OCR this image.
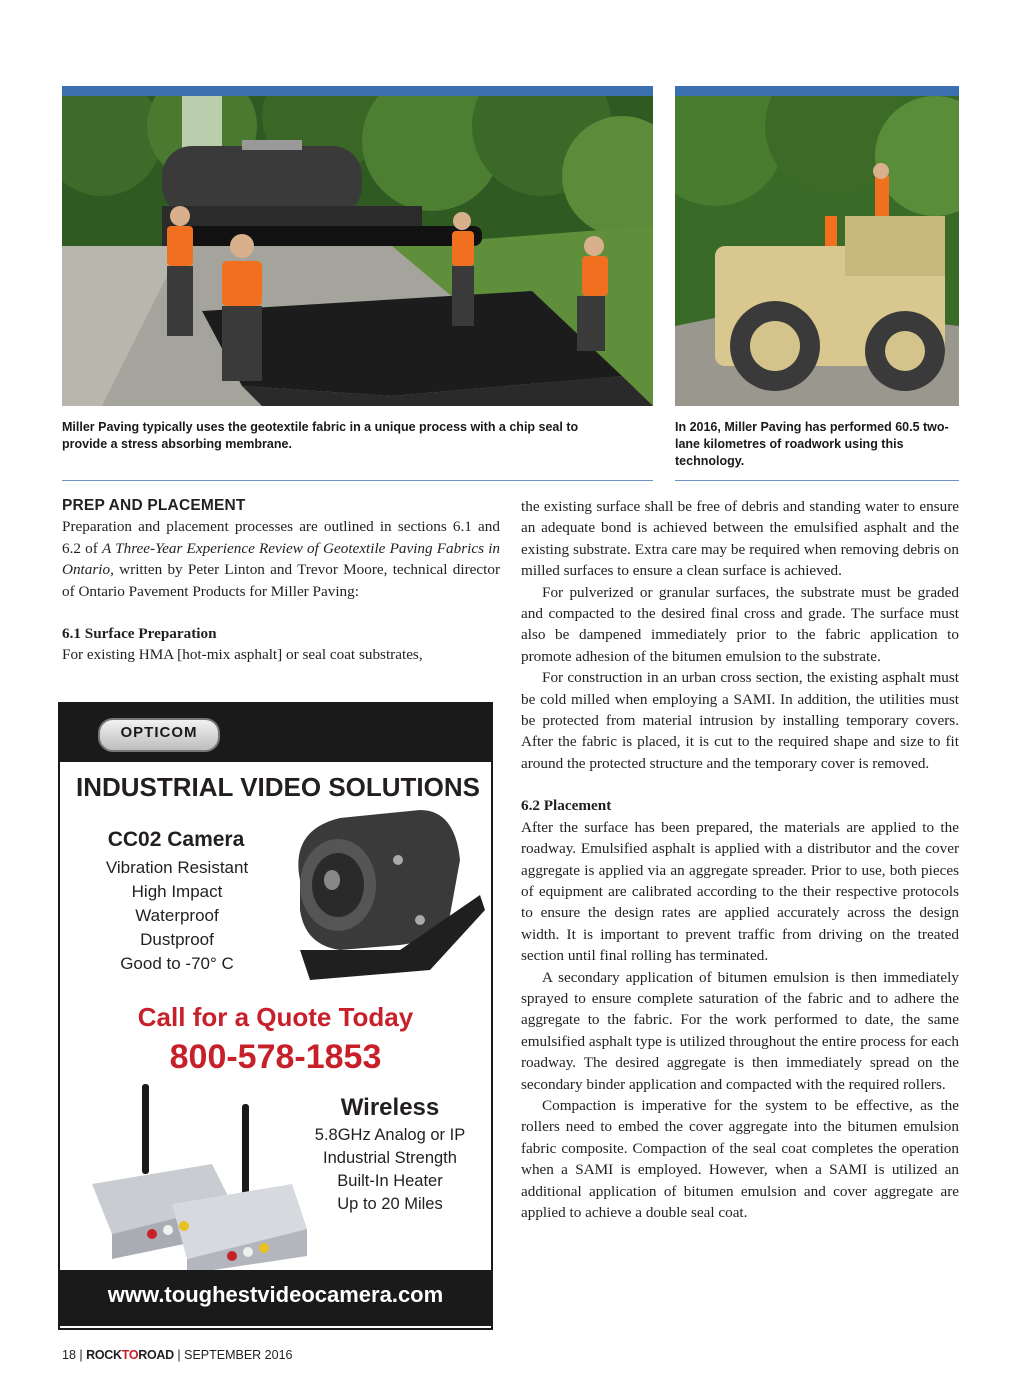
Miller Paving typically uses the geotextile fabric in a unique process with a chip seal to provide a stress absorbing membrane.
In 2016, Miller Paving has performed 60.5 two-lane kilometres of roadwork using this technology.

PREP AND PLACEMENT

Preparation and placement processes are outlined in sections 6.1 and 6.2 of A Three-Year Experience Review of Geotextile Paving Fabrics in Ontario, written by Peter Linton and Trevor Moore, technical director of Ontario Pavement Products for Miller Paving:

6.1 Surface Preparation

For existing HMA [hot-mix asphalt] or seal coat substrates,

OPTICOM
INDUSTRIAL VIDEO SOLUTIONS
CC02 Camera
Vibration Resistant
High Impact
Waterproof
Dustproof
Good to -70° C
Call for a Quote Today
800-578-1853
Wireless
5.8GHz Analog or IP
Industrial Strength
Built-In Heater
Up to 20 Miles
www.toughestvideocamera.com

the existing surface shall be free of debris and standing water to ensure an adequate bond is achieved between the emulsified asphalt and the existing substrate. Extra care may be required when removing debris on milled surfaces to ensure a clean surface is achieved.

For pulverized or granular surfaces, the substrate must be graded and compacted to the desired final cross and grade. The surface must also be dampened immediately prior to the fabric application to promote adhesion of the bitumen emulsion to the substrate.

For construction in an urban cross section, the existing asphalt must be cold milled when employing a SAMI. In addition, the utilities must be protected from material intrusion by installing temporary covers. After the fabric is placed, it is cut to the required shape and size to fit around the protected structure and the temporary cover is removed.

6.2 Placement

After the surface has been prepared, the materials are applied to the roadway. Emulsified asphalt is applied with a distributor and the cover aggregate is applied via an aggregate spreader. Prior to use, both pieces of equipment are calibrated according to the their respective protocols to ensure the design rates are applied accurately across the design width. It is important to prevent traffic from driving on the treated section until final rolling has terminated.

A secondary application of bitumen emulsion is then immediately sprayed to ensure complete saturation of the fabric and to adhere the aggregate to the fabric. For the work performed to date, the same emulsified asphalt type is utilized throughout the entire process for each roadway. The desired aggregate is then immediately spread on the secondary binder application and compacted with the required rollers.

Compaction is imperative for the system to be effective, as the rollers need to embed the cover aggregate into the bitumen emulsion fabric composite. Compaction of the seal coat completes the operation when a SAMI is employed. However, when a SAMI is utilized an additional application of bitumen emulsion and cover aggregate are applied to achieve a double seal coat.

18 | ROCKTOROAD | SEPTEMBER 2016
